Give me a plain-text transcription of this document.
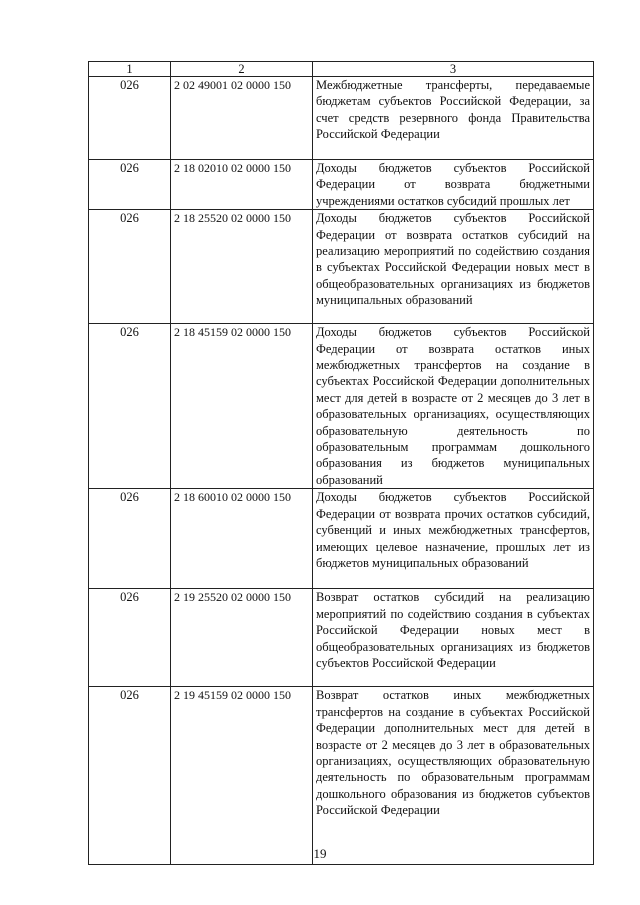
1	2	3
026	2 02 49001 02 0000 150	Межбюджетные трансферты, передаваемые бюджетам субъектов Российской Федерации, за счет средств резервного фонда Правительства Российской Федерации
026	2 18 02010 02 0000 150	Доходы бюджетов субъектов Российской Федерации от возврата бюджетными учреждениями остатков субсидий прошлых лет
026	2 18 25520 02 0000 150	Доходы бюджетов субъектов Российской Федерации от возврата остатков субсидий на реализацию мероприятий по содействию создания в субъектах Российской Федерации новых мест в общеобразовательных организациях из бюджетов муниципальных образований
026	2 18 45159 02 0000 150	Доходы бюджетов субъектов Российской Федерации от возврата остатков иных межбюджетных трансфертов на создание в субъектах Российской Федерации дополнительных мест для детей в возрасте от 2 месяцев до 3 лет в образовательных организациях, осуществляющих образовательную деятельность по образовательным программам дошкольного образования из бюджетов муниципальных образований
026	2 18 60010 02 0000 150	Доходы бюджетов субъектов Российской Федерации от возврата прочих остатков субсидий, субвенций и иных межбюджетных трансфертов, имеющих целевое назначение, прошлых лет из бюджетов муниципальных образований
026	2 19 25520 02 0000 150	Возврат остатков субсидий на реализацию мероприятий по содействию создания в субъектах Российской Федерации новых мест в общеобразовательных организациях из бюджетов субъектов Российской Федерации
026	2 19 45159 02 0000 150	Возврат остатков иных межбюджетных трансфертов на создание в субъектах Российской Федерации дополнительных мест для детей в возрасте от 2 месяцев до 3 лет в образовательных организациях, осуществляющих образовательную деятельность по образовательным программам дошкольного образования из бюджетов субъектов Российской Федерации
19
